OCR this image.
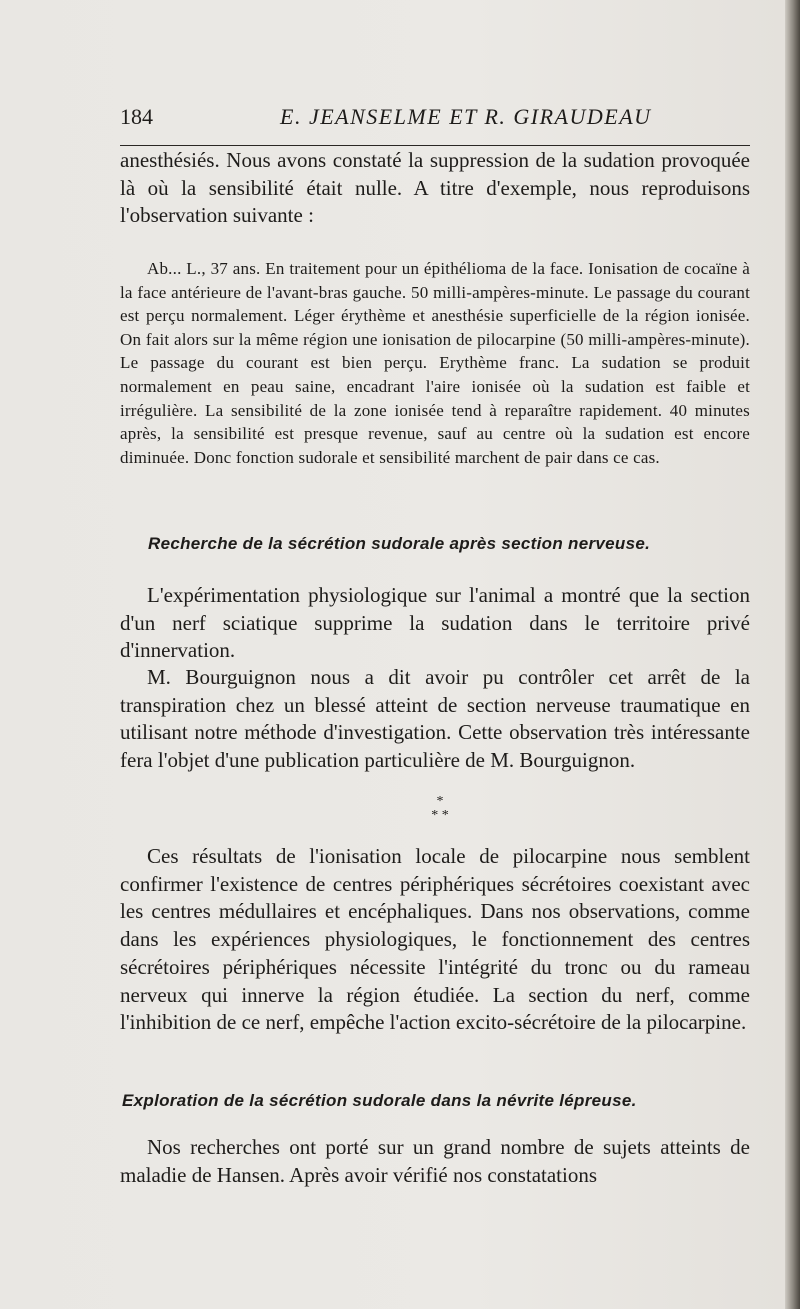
184	E. JEANSELME ET R. GIRAUDEAU

anesthésiés. Nous avons constaté la suppression de la sudation provoquée là où la sensibilité était nulle. A titre d'exemple, nous reproduisons l'observation suivante :

Ab... L., 37 ans. En traitement pour un épithélioma de la face. Ionisation de cocaïne à la face antérieure de l'avant-bras gauche. 50 milli-ampères-minute. Le passage du courant est perçu normalement. Léger érythème et anesthésie superficielle de la région ionisée. On fait alors sur la même région une ionisation de pilocarpine (50 milli-ampères-minute). Le passage du courant est bien perçu. Erythème franc. La sudation se produit normalement en peau saine, encadrant l'aire ionisée où la sudation est faible et irrégulière. La sensibilité de la zone ionisée tend à reparaître rapidement. 40 minutes après, la sensibilité est presque revenue, sauf au centre où la sudation est encore diminuée. Donc fonction sudorale et sensibilité marchent de pair dans ce cas.

Recherche de la sécrétion sudorale après section nerveuse.

L'expérimentation physiologique sur l'animal a montré que la section d'un nerf sciatique supprime la sudation dans le territoire privé d'innervation.

M. Bourguignon nous a dit avoir pu contrôler cet arrêt de la transpiration chez un blessé atteint de section nerveuse traumatique en utilisant notre méthode d'investigation. Cette observation très intéressante fera l'objet d'une publication particulière de M. Bourguignon.

*
* *

Ces résultats de l'ionisation locale de pilocarpine nous semblent confirmer l'existence de centres périphériques sécrétoires coexistant avec les centres médullaires et encéphaliques. Dans nos observations, comme dans les expériences physiologiques, le fonctionnement des centres sécrétoires périphériques nécessite l'intégrité du tronc ou du rameau nerveux qui innerve la région étudiée. La section du nerf, comme l'inhibition de ce nerf, empêche l'action excito-sécrétoire de la pilocarpine.

Exploration de la sécrétion sudorale dans la névrite lépreuse.

Nos recherches ont porté sur un grand nombre de sujets atteints de maladie de Hansen. Après avoir vérifié nos constatations
